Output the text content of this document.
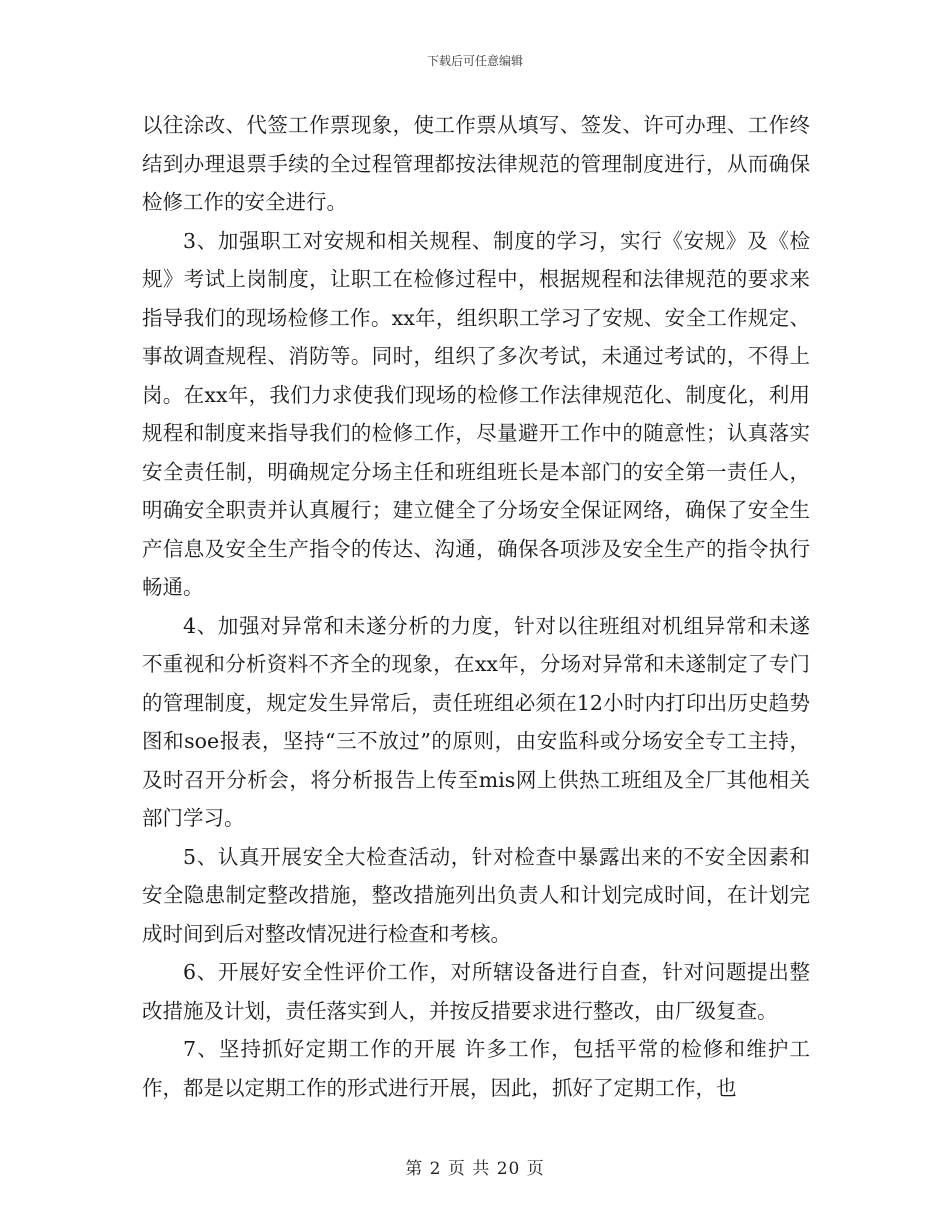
下载后可任意编辑

以往涂改、代签工作票现象，使工作票从填写、签发、许可办理、工作终结到办理退票手续的全过程管理都按法律规范的管理制度进行，从而确保检修工作的安全进行。

3、加强职工对安规和相关规程、制度的学习，实行《安规》及《检规》考试上岗制度，让职工在检修过程中，根据规程和法律规范的要求来指导我们的现场检修工作。xx年，组织职工学习了安规、安全工作规定、事故调查规程、消防等。同时，组织了多次考试，未通过考试的，不得上岗。在xx年，我们力求使我们现场的检修工作法律规范化、制度化，利用规程和制度来指导我们的检修工作，尽量避开工作中的随意性；认真落实安全责任制，明确规定分场主任和班组班长是本部门的安全第一责任人，明确安全职责并认真履行；建立健全了分场安全保证网络，确保了安全生产信息及安全生产指令的传达、沟通，确保各项涉及安全生产的指令执行畅通。

4、加强对异常和未遂分析的力度，针对以往班组对机组异常和未遂不重视和分析资料不齐全的现象，在xx年，分场对异常和未遂制定了专门的管理制度，规定发生异常后，责任班组必须在12小时内打印出历史趋势图和soe报表，坚持“三不放过”的原则，由安监科或分场安全专工主持，及时召开分析会，将分析报告上传至mis网上供热工班组及全厂其他相关部门学习。

5、认真开展安全大检查活动，针对检查中暴露出来的不安全因素和安全隐患制定整改措施，整改措施列出负责人和计划完成时间，在计划完成时间到后对整改情况进行检查和考核。

6、开展好安全性评价工作，对所辖设备进行自查，针对问题提出整改措施及计划，责任落实到人，并按反措要求进行整改，由厂级复查。

7、坚持抓好定期工作的开展 许多工作，包括平常的检修和维护工作，都是以定期工作的形式进行开展，因此，抓好了定期工作，也

第 2 页 共 20 页
